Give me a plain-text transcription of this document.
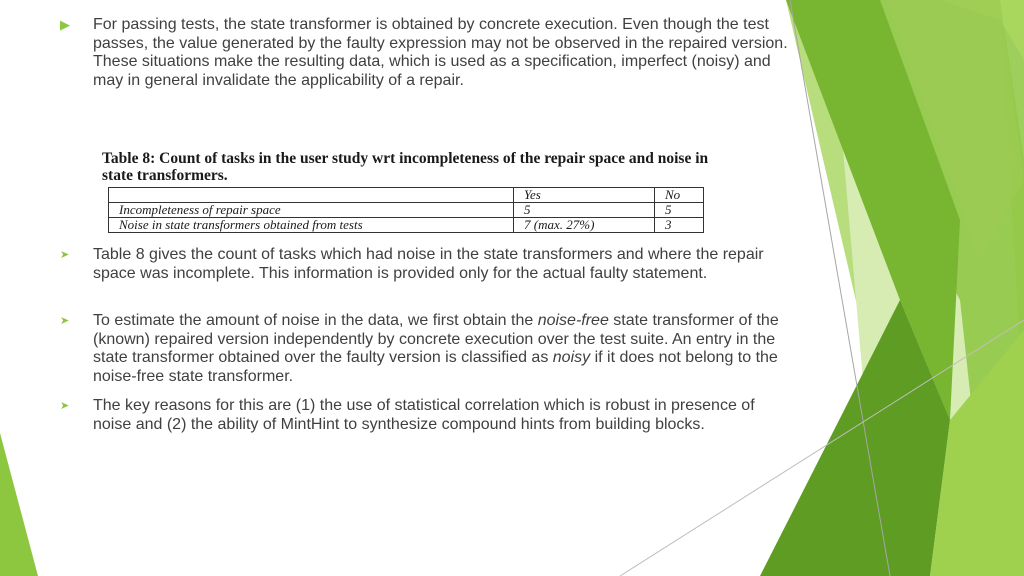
▶ For passing tests, the state transformer is obtained by concrete execution. Even though the test passes, the value generated by the faulty expression may not be observed in the repaired version. These situations make the resulting data, which is used as a specification, imperfect (noisy) and may in general invalidate the applicability of a repair.
Table 8: Count of tasks in the user study wrt incompleteness of the repair space and noise in state transformers.
	Yes	No
Incompleteness of repair space	5	5
Noise in state transformers obtained from tests	7 (max. 27%)	3
➤ Table 8 gives the count of tasks which had noise in the state transformers and where the repair space was incomplete. This information is provided only for the actual faulty statement.
➤ To estimate the amount of noise in the data, we first obtain the noise-free state transformer of the (known) repaired version independently by concrete execution over the test suite. An entry in the state transformer obtained over the faulty version is classified as noisy if it does not belong to the noise-free state transformer.
➤ The key reasons for this are (1) the use of statistical correlation which is robust in presence of noise and (2) the ability of MintHint to synthesize compound hints from building blocks.
